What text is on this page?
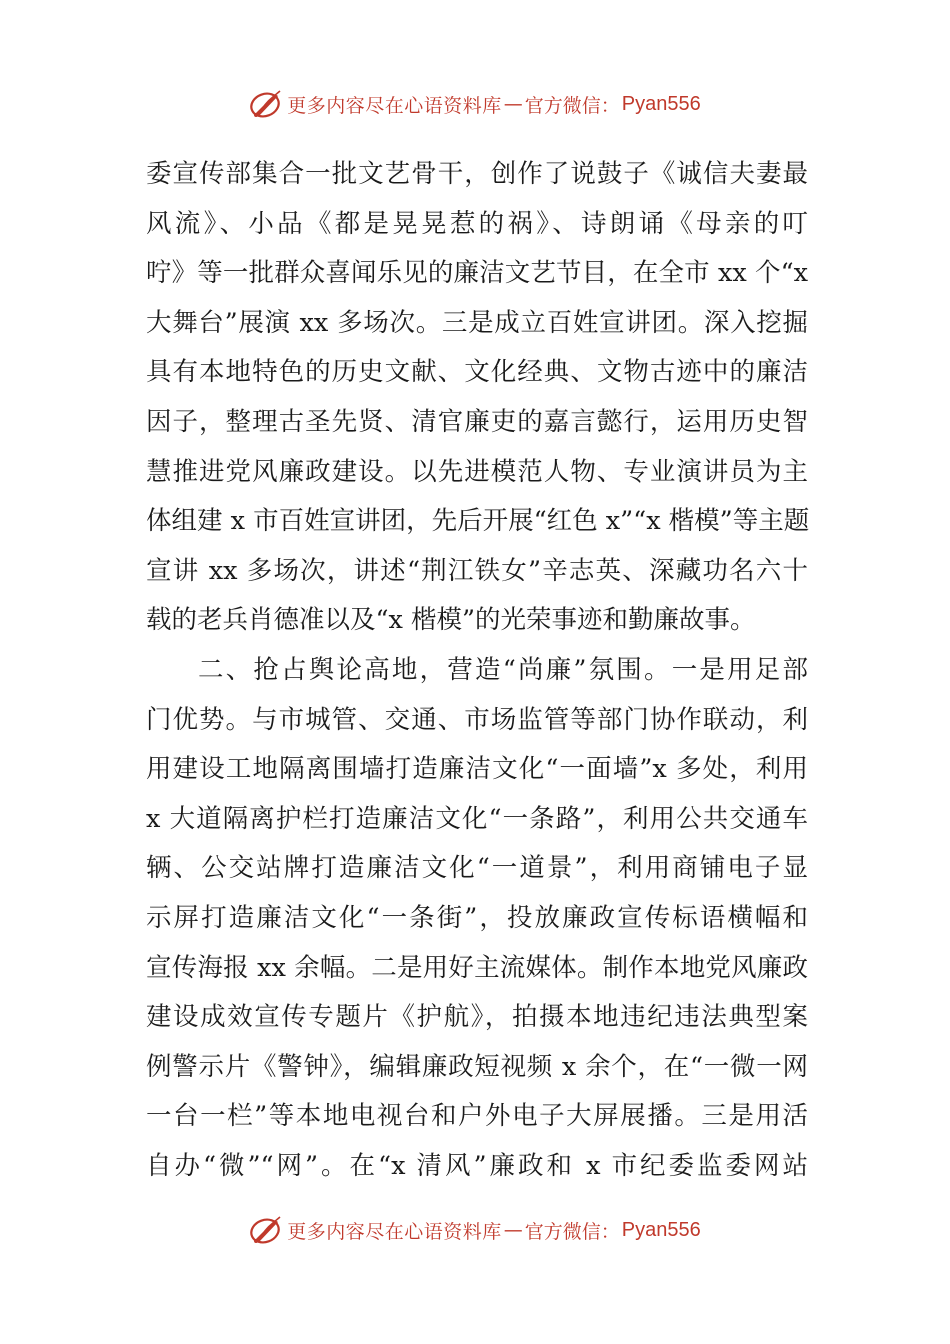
更多内容尽在心语资料库 — 官方微信： Pyan556
委宣传部集合一批文艺骨干，创作了说鼓子《诚信夫妻最
风流》、小品《都是晃晃惹的祸》、诗朗诵《母亲的叮
咛》等一批群众喜闻乐见的廉洁文艺节目，在全市 xx 个“x
大舞台”展演 xx 多场次。三是成立百姓宣讲团。深入挖掘
具有本地特色的历史文献、文化经典、文物古迹中的廉洁
因子，整理古圣先贤、清官廉吏的嘉言懿行，运用历史智
慧推进党风廉政建设。以先进模范人物、专业演讲员为主
体组建 x 市百姓宣讲团，先后开展“红色 x”“x 楷模”等主题
宣讲 xx 多场次，讲述“荆江铁女”辛志英、深藏功名六十
载的老兵肖德准以及“x 楷模”的光荣事迹和勤廉故事。
二、抢占舆论高地，营造“尚廉”氛围。一是用足部
门优势。与市城管、交通、市场监管等部门协作联动，利
用建设工地隔离围墙打造廉洁文化“一面墙”x 多处，利用
x 大道隔离护栏打造廉洁文化“一条路”，利用公共交通车
辆、公交站牌打造廉洁文化“一道景”，利用商铺电子显
示屏打造廉洁文化“一条街”，投放廉政宣传标语横幅和
宣传海报 xx 余幅。二是用好主流媒体。制作本地党风廉政
建设成效宣传专题片《护航》，拍摄本地违纪违法典型案
例警示片《警钟》，编辑廉政短视频 x 余个，在“一微一网
一台一栏”等本地电视台和户外电子大屏展播。三是用活
自办“微”“网”。在“x 清风”廉政和 x 市纪委监委网站
更多内容尽在心语资料库 — 官方微信： Pyan556
